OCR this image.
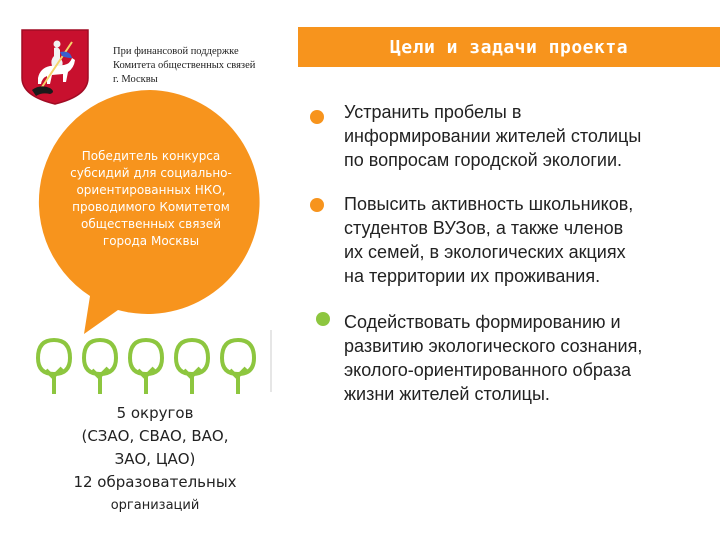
При финансовой поддержке
Комитета общественных связей
г. Москвы
Цели и задачи проекта
Победитель конкурса
субсидий для социально-
ориентированных НКО,
проводимого Комитетом
общественных связей
города Москвы
5 округов
(СЗАО, СВАО, ВАО,
ЗАО, ЦАО)
12 образовательных
организаций
Устранить пробелы в
информировании жителей столицы
по вопросам городской экологии.
Повысить активность школьников,
студентов ВУЗов, а также членов
их семей, в экологических акциях
на территории их проживания.
Содействовать формированию и
развитию экологического сознания,
эколого-ориентированного образа
жизни жителей столицы.
